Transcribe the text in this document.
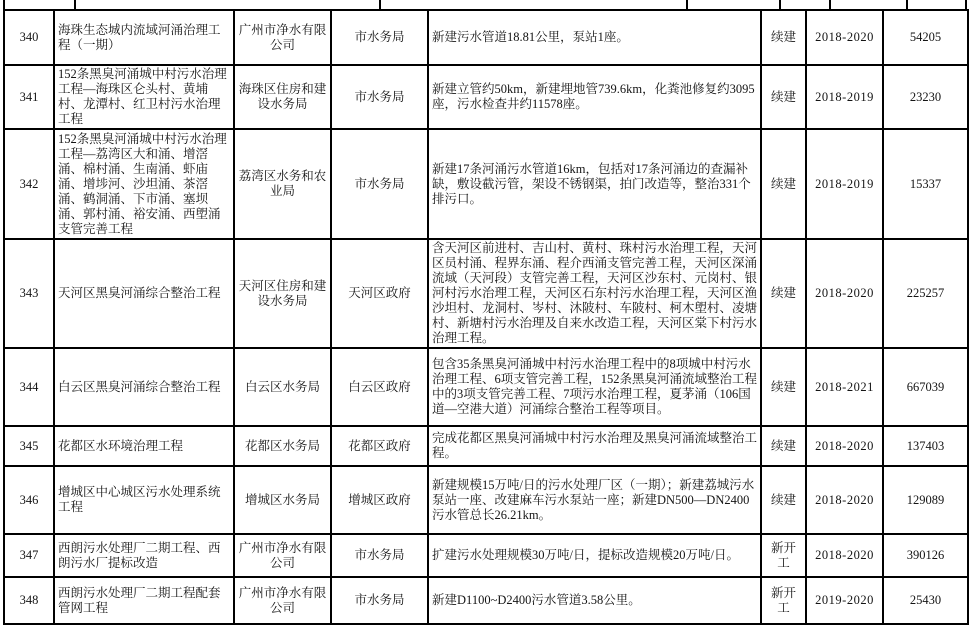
340	海珠生态城内流域河涌治理工程（一期）	广州市净水有限公司	市水务局	新建污水管道18.81公里，泵站1座。	续建	2018-2020	54205
341	152条黑臭河涌城中村污水治理工程—海珠区仑头村、黄埔村、龙潭村、红卫村污水治理工程	海珠区住房和建设水务局	市水务局	新建立管约50km，新建埋地管739.6km，化粪池修复约3095座，污水检查井约11578座。	续建	2018-2019	23230
342	152条黑臭河涌城中村污水治理工程—荔湾区大和涌、增滘涌、棉村涌、生南涌、虾庙涌、增埗河、沙坦涌、茶滘涌、鹤洞涌、下市涌、塞坝涌、郭村涌、裕安涌、西塱涌支管完善工程	荔湾区水务和农业局	市水务局	新建17条河涌污水管道16km，包括对17条河涌边的查漏补缺，敷设截污管，架设不锈钢渠，拍门改造等，整治331个排污口。	续建	2018-2019	15337
343	天河区黑臭河涌综合整治工程	天河区住房和建设水务局	天河区政府	含天河区前进村、吉山村、黄村、珠村污水治理工程，天河区员村涌、程界东涌、程介西涌支管完善工程，天河区深涌流域（天河段）支管完善工程，天河区沙东村、元岗村、银河村污水治理工程，天河区石东村污水治理工程，天河区渔沙坦村、龙洞村、岑村、沐陂村、车陂村、柯木塱村、凌塘村、新塘村污水治理及自来水改造工程，天河区棠下村污水治理工程。	续建	2018-2020	225257
344	白云区黑臭河涌综合整治工程	白云区水务局	白云区政府	包含35条黑臭河涌城中村污水治理工程中的8项城中村污水治理工程、6项支管完善工程，152条黑臭河涌流域整治工程中的3项支管完善工程、7项污水治理工程，夏茅涌（106国道—空港大道）河涌综合整治工程等项目。	续建	2018-2021	667039
345	花都区水环境治理工程	花都区水务局	花都区政府	完成花都区黑臭河涌城中村污水治理及黑臭河涌流域整治工程。	续建	2018-2020	137403
346	增城区中心城区污水处理系统工程	增城区水务局	增城区政府	新建规模15万吨/日的污水处理厂区（一期）；新建荔城污水泵站一座、改建麻车污水泵站一座；新建DN500—DN2400污水管总长26.21km。	续建	2018-2020	129089
347	西朗污水处理厂二期工程、西朗污水厂提标改造	广州市净水有限公司	市水务局	扩建污水处理规模30万吨/日，提标改造规模20万吨/日。	新开工	2018-2020	390126
348	西朗污水处理厂二期工程配套管网工程	广州市净水有限公司	市水务局	新建D1100~D2400污水管道3.58公里。	新开工	2019-2020	25430
